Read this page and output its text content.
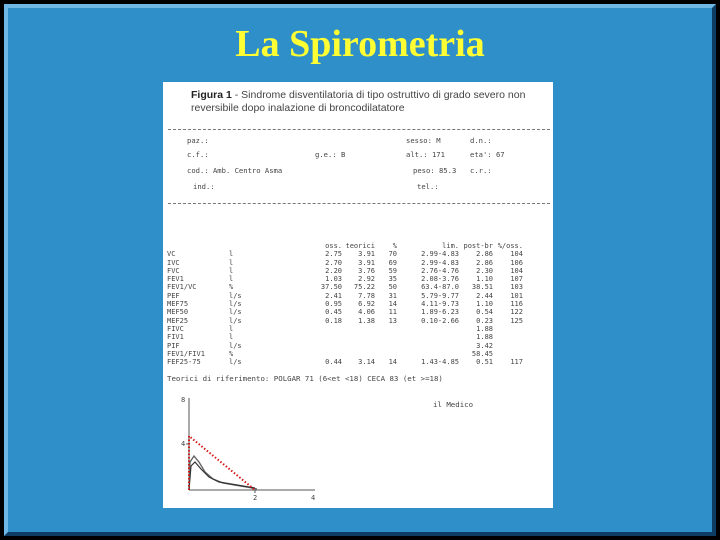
La Spirometria
Figura 1 - Sindrome disventilatoria di tipo ostruttivo di grado severo non reversibile dopo inalazione di broncodilatatore
paz.:	sesso: M	d.n.:
c.f.:	g.e.: B	alt.: 171	eta': 67
cod.: Amb. Centro Asma	peso: 85.3 c.r.:
ind.:	tel.:
		oss.	teorici	%	lim.	post-br	%/oss.
VC	l	2.75	3.91	70	2.99-4.83	2.86	104
IVC	l	2.70	3.91	69	2.99-4.83	2.86	106
FVC	l	2.20	3.76	59	2.76-4.76	2.30	104
FEV1	l	1.03	2.92	35	2.08-3.76	1.10	107
FEV1/VC	%	37.50	75.22	50	63.4-87.0	38.51	103
PEF	l/s	2.41	7.78	31	5.79-9.77	2.44	101
MEF75	l/s	0.95	6.92	14	4.11-9.73	1.10	116
MEF50	l/s	0.45	4.06	11	1.89-6.23	0.54	122
MEF25	l/s	0.18	1.38	13	0.10-2.66	0.23	125
FIVC	l					1.88	
FIV1	l					1.88	
PIF	l/s					3.42	
FEV1/FIV1	%					58.45	
FEF25-75	l/s	0.44	3.14	14	1.43-4.85	0.51	117
Teorici di riferimento: POLGAR 71 (6<et <18) CECA 83 (et >=18)
il Medico
8
4
2	4
